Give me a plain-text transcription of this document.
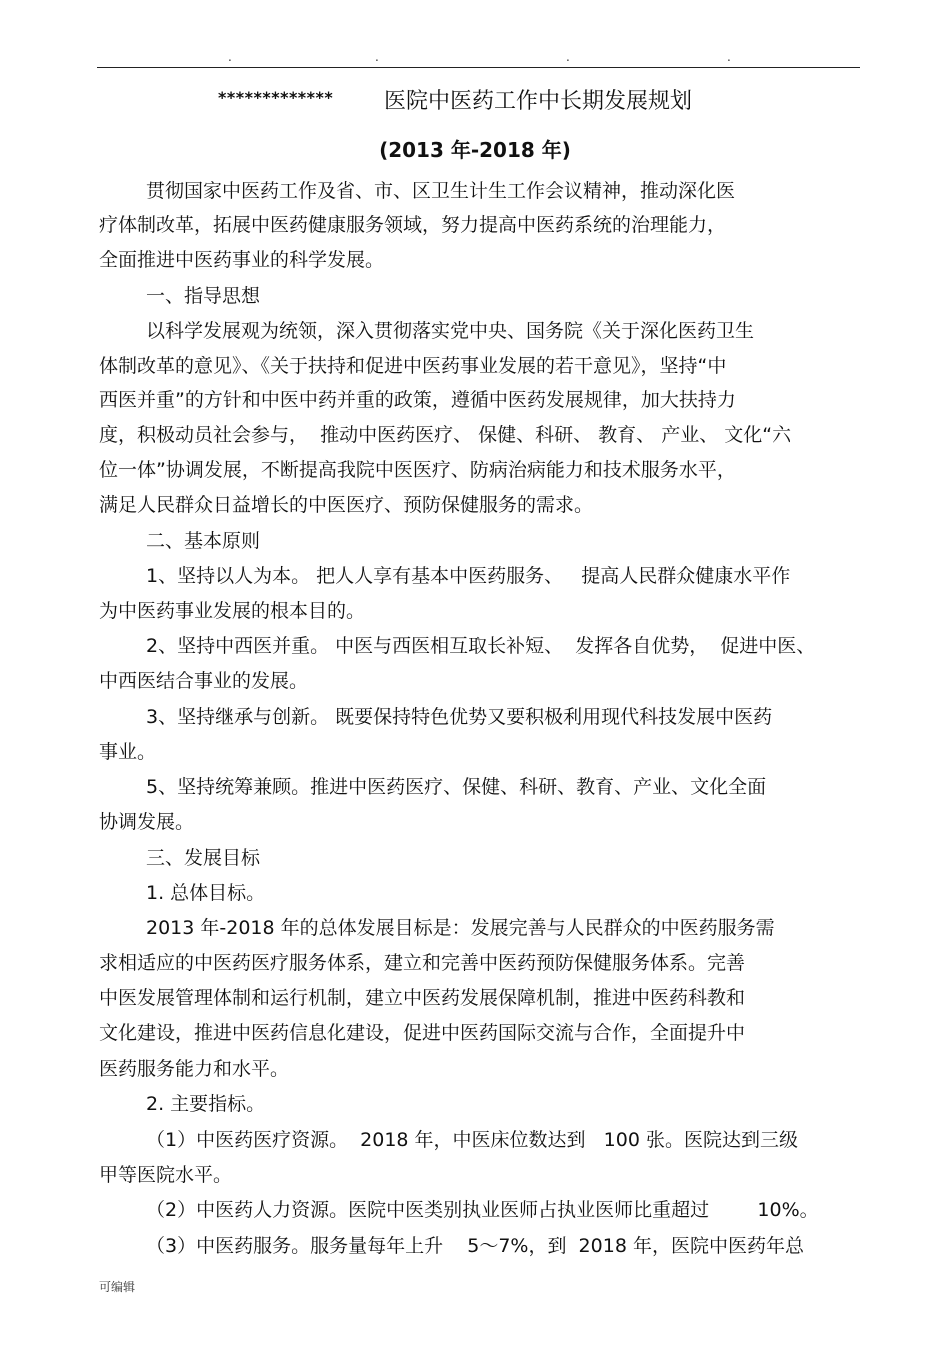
.	.	.	.
************* 医院中医药工作中长期发展规划
(2013 年-2018 年)
贯彻国家中医药工作及省、市、区卫生计生工作会议精神，推动深化医
疗体制改革，拓展中医药健康服务领域，努力提高中医药系统的治理能力，
全面推进中医药事业的科学发展。
一、指导思想
以科学发展观为统领，深入贯彻落实党中央、国务院《关于深化医药卫生
体制改革的意见》、《关于扶持和促进中医药事业发展的若干意见》，坚持“中
西医并重”的方针和中医中药并重的政策，遵循中医药发展规律，加大扶持力
度，积极动员社会参与，  推动中医药医疗、 保健、科研、 教育、 产业、 文化“六
位一体”协调发展，不断提高我院中医医疗、防病治病能力和技术服务水平，
满足人民群众日益增长的中医医疗、预防保健服务的需求。
二、基本原则
1、坚持以人为本。 把人人享有基本中医药服务、   提高人民群众健康水平作
为中医药事业发展的根本目的。
2、坚持中西医并重。 中医与西医相互取长补短、  发挥各自优势，  促进中医、
中西医结合事业的发展。
3、坚持继承与创新。 既要保持特色优势又要积极利用现代科技发展中医药
事业。
5、坚持统筹兼顾。推进中医药医疗、保健、科研、教育、产业、文化全面
协调发展。
三、发展目标
1. 总体目标。
2013 年-2018 年的总体发展目标是：发展完善与人民群众的中医药服务需
求相适应的中医药医疗服务体系，建立和完善中医药预防保健服务体系。完善
中医发展管理体制和运行机制，建立中医药发展保障机制，推进中医药科教和
文化建设，推进中医药信息化建设，促进中医药国际交流与合作，全面提升中
医药服务能力和水平。
2. 主要指标。
（1）中医药医疗资源。  2018 年，中医床位数达到   100 张。医院达到三级
甲等医院水平。
（2）中医药人力资源。医院中医类别执业医师占执业医师比重超过        10%。
（3）中医药服务。服务量每年上升    5～7%，到  2018 年，医院中医药年总
可编辑
